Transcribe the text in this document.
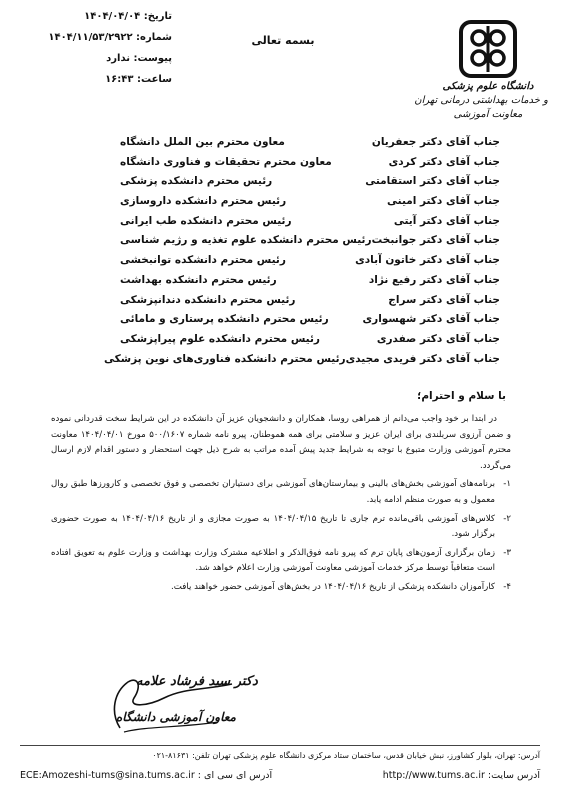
دانشگاه علوم پزشکی
و خدمات بهداشتی درمانی تهران
معاونت آموزشی
بسمه تعالی
تاریخ: ۱۴۰۴/۰۴/۰۴
شماره: ۱۴۰۴/۱۱/۵۳/۲۹۲۲
پیوست: ندارد
ساعت: ۱۶:۴۳
جناب آقای دکتر جعفریان
معاون محترم بین الملل دانشگاه
جناب آقای دکتر کردی
معاون محترم تحقیقات و فناوری دانشگاه
جناب آقای دکتر استقامتی
رئیس محترم دانشکده پزشکی
جناب آقای دکتر امینی
رئیس محترم دانشکده داروسازی
جناب آقای دکتر آیتی
رئیس محترم دانشکده طب ایرانی
جناب آقای دکتر جوانبخت
رئیس محترم دانشکده علوم تغذیه و رژیم شناسی
جناب آقای دکتر خاتون آبادی
رئیس محترم دانشکده توانبخشی
جناب آقای دکتر رفیع نژاد
رئیس محترم دانشکده بهداشت
جناب آقای دکتر سراج
رئیس محترم دانشکده دندانپزشکی
جناب آقای دکتر شهسواری
رئیس محترم دانشکده پرستاری و مامائی
جناب آقای دکتر صفدری
رئیس محترم دانشکده علوم پیراپزشکی
جناب آقای دکتر فریدی مجیدی
رئیس محترم دانشکده فناوری‌های نوین پزشکی
با سلام و احترام؛

در ابتدا بر خود واجب می‌دانم از همراهی روسا، همکاران و دانشجویان عزیز آن دانشکده در این شرایط سخت قدردانی نموده و ضمن آرزوی سربلندی برای ایران عزیز و سلامتی برای همه هموطنان، پیرو نامه شماره ۵۰۰/۱۶۰۷ مورخ ۱۴۰۴/۰۴/۰۱ معاونت محترم آموزشی وزارت متبوع با توجه به شرایط جدید پیش آمده مراتب به شرح ذیل جهت استحضار و دستور اقدام لازم ارسال می‌گردد.

۱-
برنامه‌های آموزشی بخش‌های بالینی و بیمارستان‌های آموزشی برای دستیاران تخصصی و فوق تخصصی و کارورزها طبق روال معمول و به صورت منظم ادامه یابد.
۲-
کلاس‌های آموزشی باقی‌مانده ترم جاری تا تاریخ ۱۴۰۴/۰۴/۱۵ به صورت مجازی و از تاریخ ۱۴۰۴/۰۴/۱۶ به صورت حضوری برگزار شود.
۳-
زمان برگزاری آزمون‌های پایان ترم که پیرو نامه فوق‌الذکر و اطلاعیه مشترک وزارت بهداشت و وزارت علوم به تعویق افتاده است متعاقباً توسط مرکز خدمات آموزشی معاونت آموزشی وزارت اعلام خواهد شد.
۴-
کارآموزان دانشکده پزشکی از تاریخ ۱۴۰۴/۰۴/۱۶ در بخش‌های آموزشی حضور خواهند یافت.
دکتر سید فرشاد علامه
معاون آموزشی دانشگاه
آدرس: تهران، بلوار کشاورز، نبش خیابان قدس، ساختمان ستاد مرکزی دانشگاه علوم پزشکی تهران تلفن: ۸۱۶۳۱-۰۲۱
آدرس سایت: http://www.tums.ac.ir
آدرس ای سی ای : ECE:Amozeshi-tums@sina.tums.ac.ir
